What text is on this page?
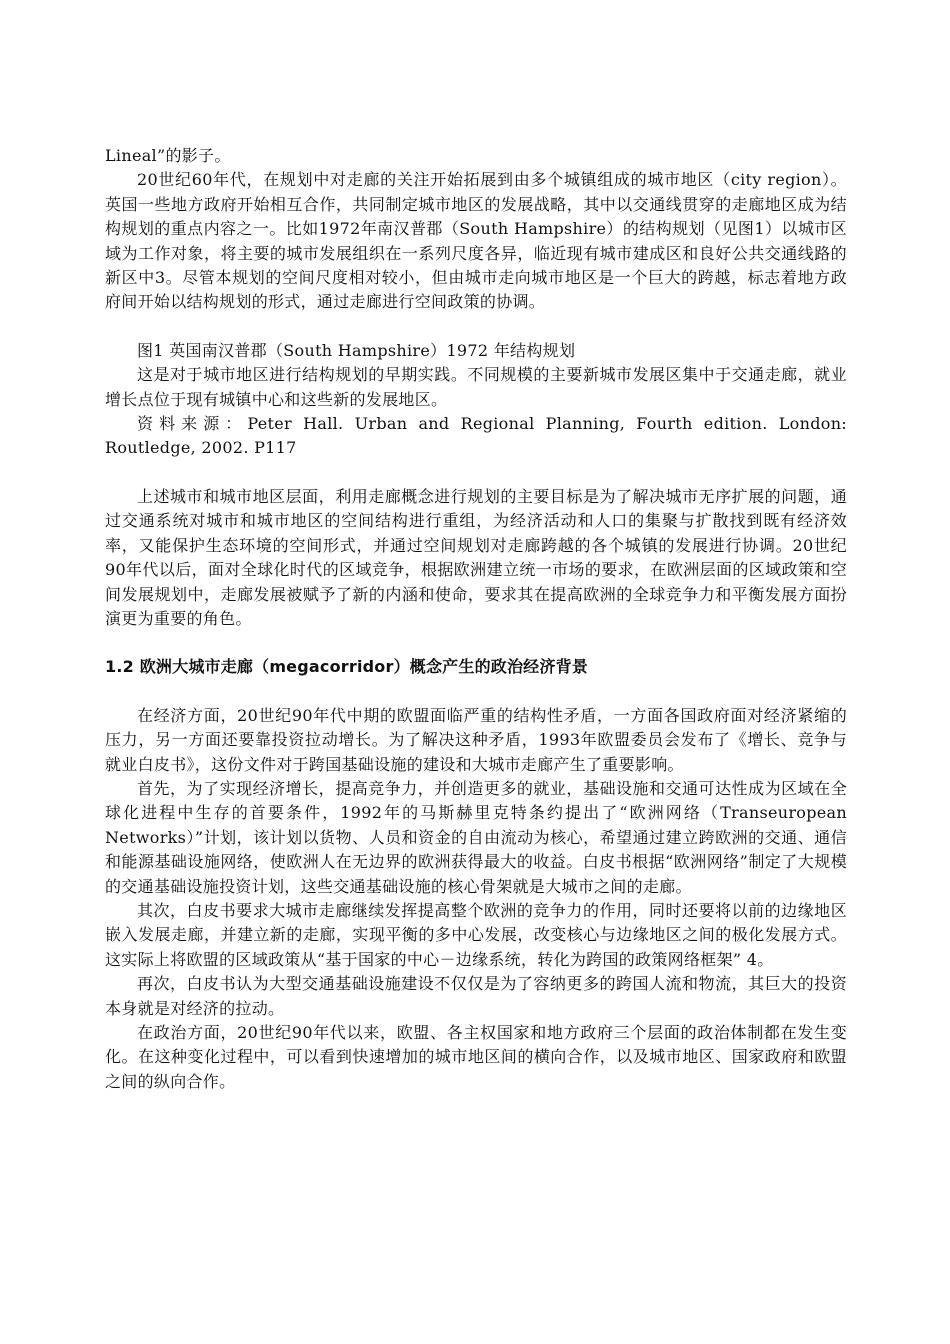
Lineal”的影子。

20世纪60年代，在规划中对走廊的关注开始拓展到由多个城镇组成的城市地区（city region）。英国一些地方政府开始相互合作，共同制定城市地区的发展战略，其中以交通线贯穿的走廊地区成为结构规划的重点内容之一。比如1972年南汉普郡（South Hampshire）的结构规划（见图1）以城市区域为工作对象，将主要的城市发展组织在一系列尺度各异，临近现有城市建成区和良好公共交通线路的新区中3。尽管本规划的空间尺度相对较小，但由城市走向城市地区是一个巨大的跨越，标志着地方政府间开始以结构规划的形式，通过走廊进行空间政策的协调。

图1 英国南汉普郡（South Hampshire）1972 年结构规划

这是对于城市地区进行结构规划的早期实践。不同规模的主要新城市发展区集中于交通走廊，就业增长点位于现有城镇中心和这些新的发展地区。

资料来源：Peter Hall. Urban and Regional Planning, Fourth edition. London: Routledge, 2002. P117

上述城市和城市地区层面，利用走廊概念进行规划的主要目标是为了解决城市无序扩展的问题，通过交通系统对城市和城市地区的空间结构进行重组，为经济活动和人口的集聚与扩散找到既有经济效率，又能保护生态环境的空间形式，并通过空间规划对走廊跨越的各个城镇的发展进行协调。20世纪90年代以后，面对全球化时代的区域竞争，根据欧洲建立统一市场的要求，在欧洲层面的区域政策和空间发展规划中，走廊发展被赋予了新的内涵和使命，要求其在提高欧洲的全球竞争力和平衡发展方面扮演更为重要的角色。

1.2 欧洲大城市走廊（megacorridor）概念产生的政治经济背景

在经济方面，20世纪90年代中期的欧盟面临严重的结构性矛盾，一方面各国政府面对经济紧缩的压力，另一方面还要靠投资拉动增长。为了解决这种矛盾，1993年欧盟委员会发布了《增长、竞争与就业白皮书》，这份文件对于跨国基础设施的建设和大城市走廊产生了重要影响。

首先，为了实现经济增长，提高竞争力，并创造更多的就业，基础设施和交通可达性成为区域在全球化进程中生存的首要条件，1992年的马斯赫里克特条约提出了“欧洲网络（Transeuropean Networks）”计划，该计划以货物、人员和资金的自由流动为核心，希望通过建立跨欧洲的交通、通信和能源基础设施网络，使欧洲人在无边界的欧洲获得最大的收益。白皮书根据“欧洲网络”制定了大规模的交通基础设施投资计划，这些交通基础设施的核心骨架就是大城市之间的走廊。

其次，白皮书要求大城市走廊继续发挥提高整个欧洲的竞争力的作用，同时还要将以前的边缘地区嵌入发展走廊，并建立新的走廊，实现平衡的多中心发展，改变核心与边缘地区之间的极化发展方式。这实际上将欧盟的区域政策从“基于国家的中心－边缘系统，转化为跨国的政策网络框架” 4。

再次，白皮书认为大型交通基础设施建设不仅仅是为了容纳更多的跨国人流和物流，其巨大的投资本身就是对经济的拉动。

在政治方面，20世纪90年代以来，欧盟、各主权国家和地方政府三个层面的政治体制都在发生变化。在这种变化过程中，可以看到快速增加的城市地区间的横向合作，以及城市地区、国家政府和欧盟之间的纵向合作。
